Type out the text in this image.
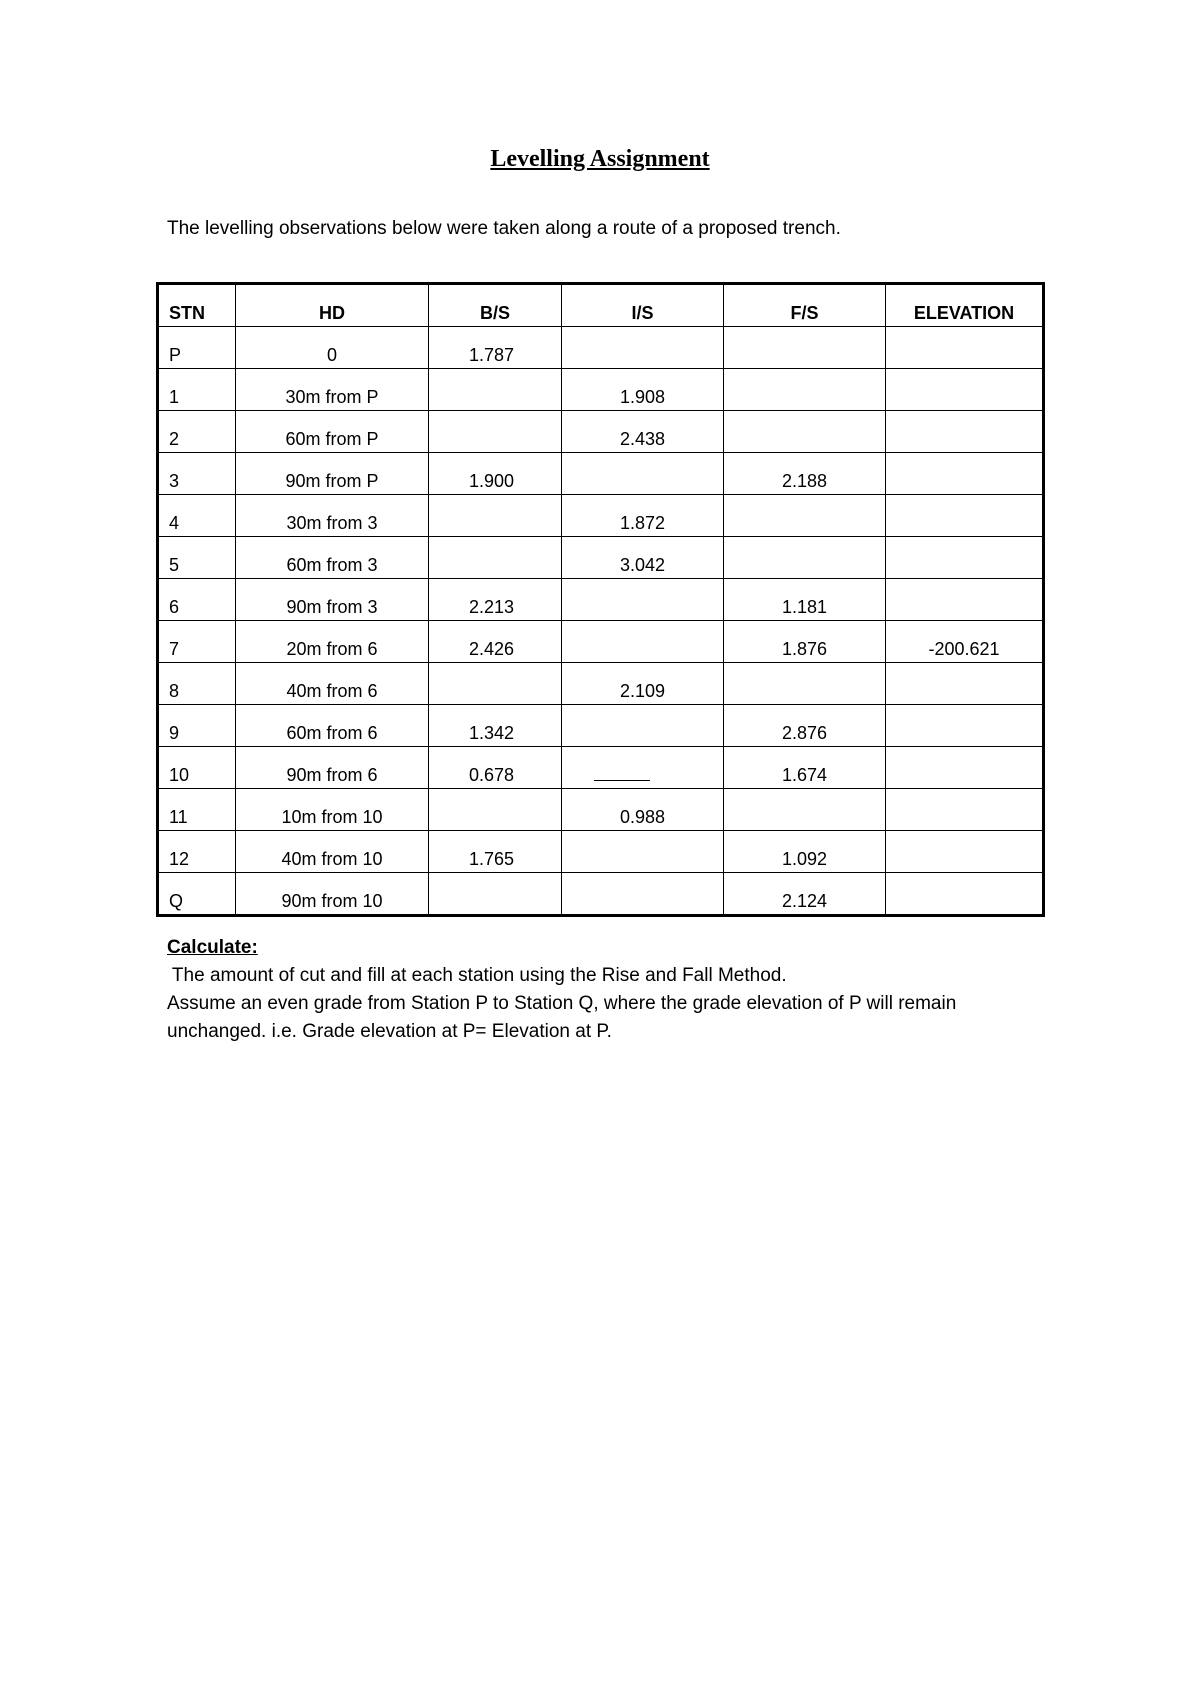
Levelling Assignment
The levelling observations below were taken along a route of a proposed trench.
STN	HD	B/S	I/S	F/S	ELEVATION
P	0	1.787			
1	30m from P		1.908		
2	60m from P		2.438		
3	90m from P	1.900		2.188	
4	30m from 3		1.872		
5	60m from 3		3.042		
6	90m from 3	2.213		1.181	
7	20m from 6	2.426		1.876	-200.621
8	40m from 6		2.109		
9	60m from 6	1.342		2.876	
10	90m from 6	0.678		1.674	
11	10m from 10		0.988		
12	40m from 10	1.765		1.092	
Q	90m from 10			2.124	
Calculate:
The amount of cut and fill at each station using the Rise and Fall Method.
Assume an even grade from Station P to Station Q, where the grade elevation of P will remain unchanged. i.e. Grade elevation at P= Elevation at P.
